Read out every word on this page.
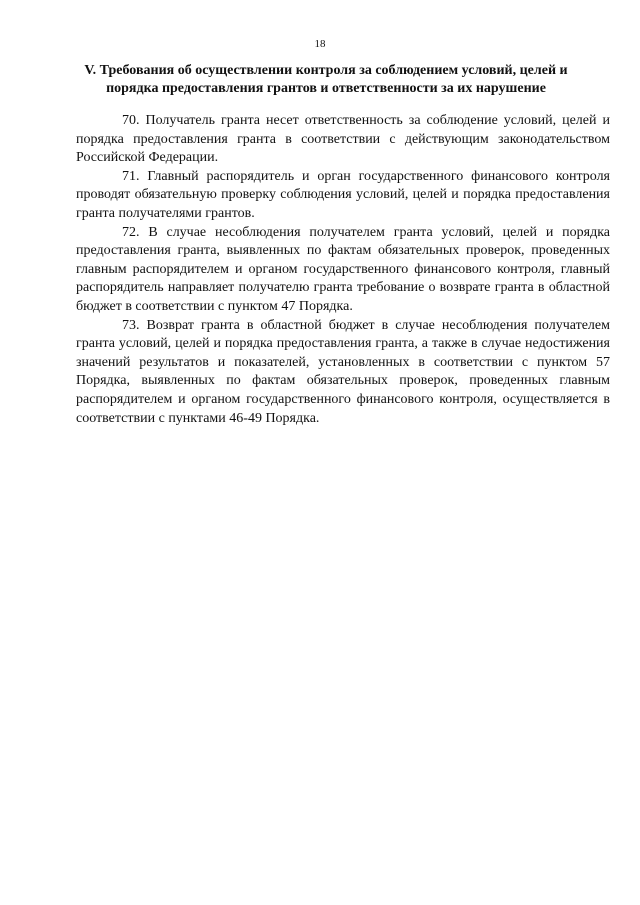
18
V. Требования об осуществлении контроля за соблюдением условий, целей и порядка предоставления грантов и ответственности за их нарушение

70. Получатель гранта несет ответственность за соблюдение условий, целей и порядка предоставления гранта в соответствии с действующим законодательством Российской Федерации.

71. Главный распорядитель и орган государственного финансового контроля проводят обязательную проверку соблюдения условий, целей и порядка предоставления гранта получателями грантов.

72. В случае несоблюдения получателем гранта условий, целей и порядка предоставления гранта, выявленных по фактам обязательных проверок, проведенных главным распорядителем и органом государственного финансового контроля, главный распорядитель направляет получателю гранта требование о возврате гранта в областной бюджет в соответствии с пунктом 47 Порядка.

73. Возврат гранта в областной бюджет в случае несоблюдения получателем гранта условий, целей и порядка предоставления гранта, а также в случае недостижения значений результатов и показателей, установленных в соответствии с пунктом 57 Порядка, выявленных по фактам обязательных проверок, проведенных главным распорядителем и органом государственного финансового контроля, осуществляется в соответствии с пунктами 46-49 Порядка.
